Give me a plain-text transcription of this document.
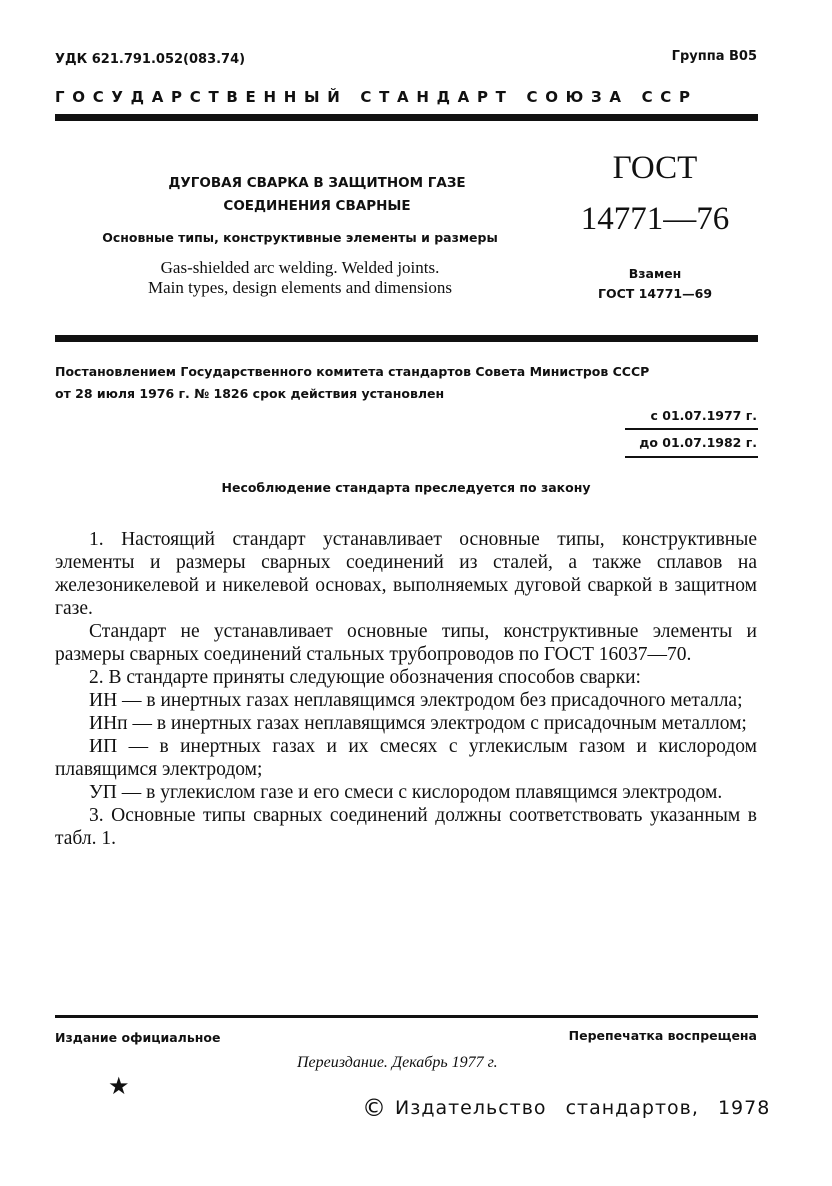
УДК 621.791.052(083.74)	Группа В05
ГОСУДАРСТВЕННЫЙ СТАНДАРТ СОЮЗА ССР
ДУГОВАЯ СВАРКА В ЗАЩИТНОМ ГАЗЕ
СОЕДИНЕНИЯ СВАРНЫЕ
Основные типы, конструктивные элементы и размеры
Gas-shielded arc welding. Welded joints.
Main types, design elements and dimensions
ГОСТ
14771—76
Взамен
ГОСТ 14771—69
Постановлением Государственного комитета стандартов Совета Министров СССР
от 28 июля 1976 г. № 1826 срок действия установлен
с 01.07.1977 г.
до 01.07.1982 г.
Несоблюдение стандарта преследуется по закону

1. Настоящий стандарт устанавливает основные типы, конструктивные элементы и размеры сварных соединений из сталей, а также сплавов на железоникелевой и никелевой основах, выполняемых дуговой сваркой в защитном газе.

Стандарт не устанавливает основные типы, конструктивные элементы и размеры сварных соединений стальных трубопроводов по ГОСТ 16037—70.

2. В стандарте приняты следующие обозначения способов сварки:

ИН — в инертных газах неплавящимся электродом без присадочного металла;

ИНп — в инертных газах неплавящимся электродом с присадочным металлом;

ИП — в инертных газах и их смесях с углекислым газом и кислородом плавящимся электродом;

УП — в углекислом газе и его смеси с кислородом плавящимся электродом.

3. Основные типы сварных соединений должны соответствовать указанным в табл. 1.

Издание официальное	Перепечатка воспрещена
Переиздание. Декабрь 1977 г.
★
© Издательство стандартов, 1978
